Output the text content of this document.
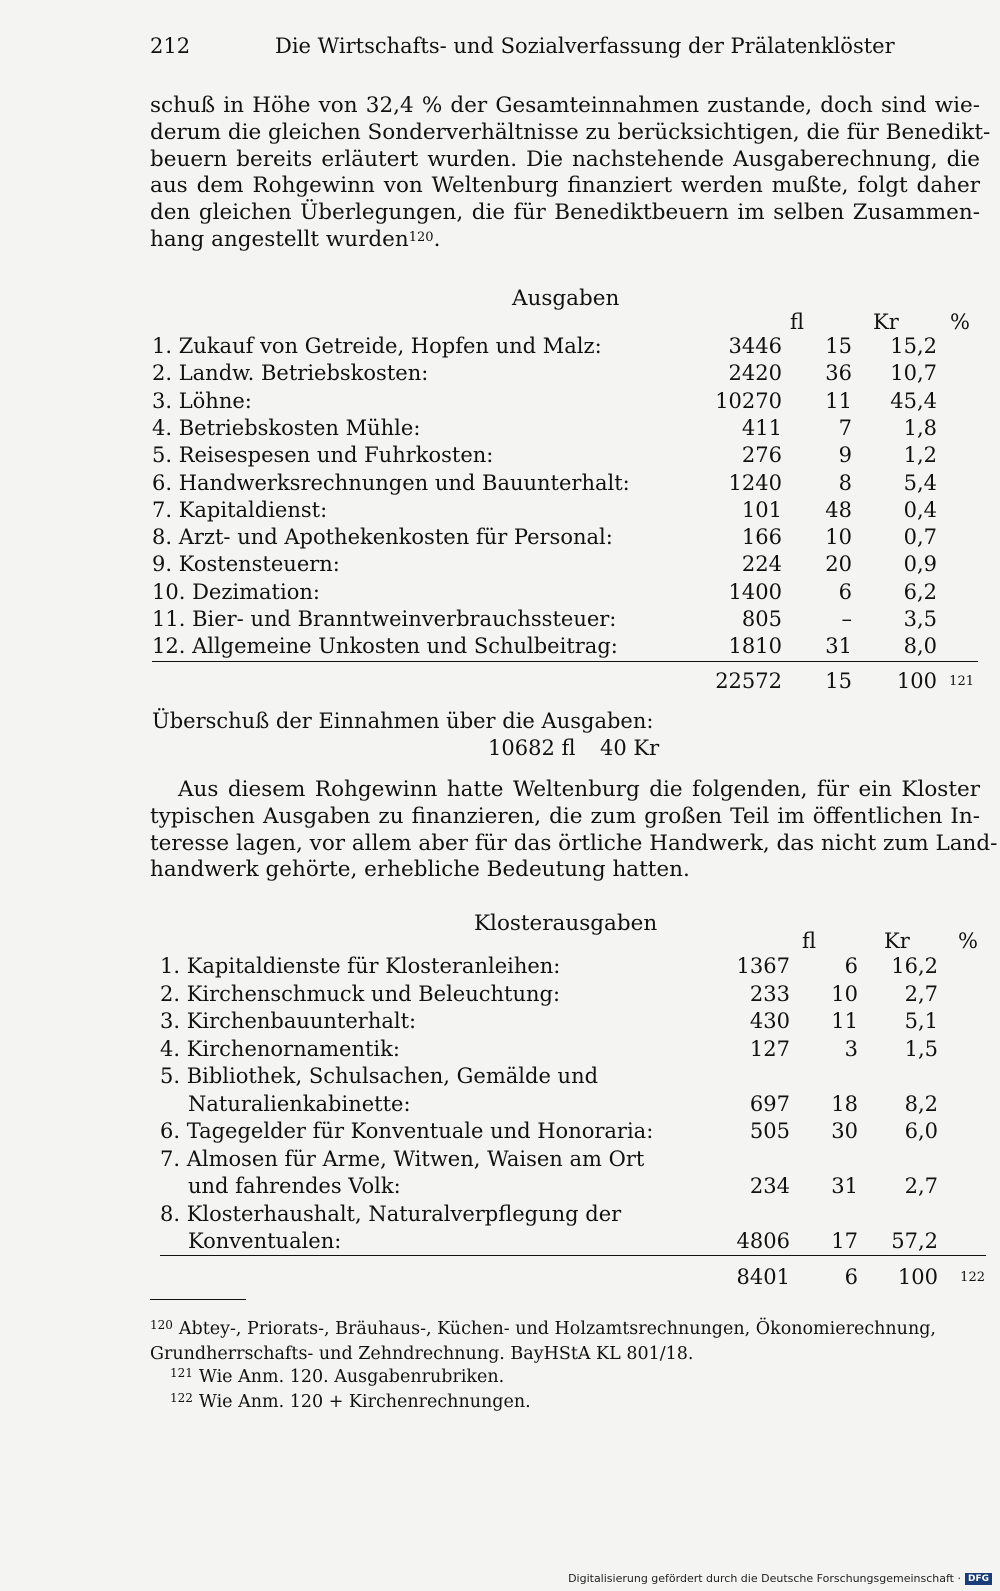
212	Die Wirtschafts- und Sozialverfassung der Prälatenklöster
schuß in Höhe von 32,4 % der Gesamteinnahmen zustande, doch sind wie-
derum die gleichen Sonderverhältnisse zu berücksichtigen, die für Benedikt-
beuern bereits erläutert wurden. Die nachstehende Ausgaberechnung, die
aus dem Rohgewinn von Weltenburg finanziert werden mußte, folgt daher
den gleichen Überlegungen, die für Benediktbeuern im selben Zusammen-
hang angestellt wurden$^{120}$.
Ausgaben
fl	Kr %
1. Zukauf von Getreide, Hopfen und Malz:	3446 15 15,2
2. Landw. Betriebskosten:	2420 36 10,7
3. Löhne:	10270 11 45,4
4. Betriebskosten Mühle:	411	7 1,8
5. Reisespesen und Fuhrkosten:	276	9 1,2
6. Handwerksrechnungen und Bauunterhalt:	1240	8 5,4
7. Kapitaldienst:	101 48 0,4
8. Arzt- und Apothekenkosten für Personal:	166 10 0,7
9. Kostensteuern:	224 20 0,9
10. Dezimation:	1400	6 6,2
11. Bier- und Branntweinverbrauchssteuer:	805	– 3,5
12. Allgemeine Unkosten und Schulbeitrag:	1810 31 8,0
22572 15 100 121
Überschuß der Einnahmen über die Ausgaben:
10682 fl 40 Kr
Aus diesem Rohgewinn hatte Weltenburg die folgenden, für ein Kloster
typischen Ausgaben zu finanzieren, die zum großen Teil im öffentlichen In-
teresse lagen, vor allem aber für das örtliche Handwerk, das nicht zum Land-
handwerk gehörte, erhebliche Bedeutung hatten.
Klosterausgaben
fl	Kr %
1. Kapitaldienste für Klosteranleihen:	1367	6 16,2
2. Kirchenschmuck und Beleuchtung:	233 10 2,7
3. Kirchenbauunterhalt:	430 11 5,1
4. Kirchenornamentik:	127	3 1,5
5. Bibliothek, Schulsachen, Gemälde und
Naturalienkabinette:	697 18 8,2
6. Tagegelder für Konventuale und Honoraria:	505 30 6,0
7. Almosen für Arme, Witwen, Waisen am Ort
und fahrendes Volk:	234 31 2,7
8. Klosterhaushalt, Naturalverpflegung der
Konventualen:	4806 17 57,2
8401	6 100 122
$^{120}$ Abtey-, Priorats-, Bräuhaus-, Küchen- und Holzamtsrechnungen, Ökonomierechnung,
Grundherrschafts- und Zehndrechnung. BayHStA KL 801/18.
$^{121}$ Wie Anm. 120. Ausgabenrubriken.
$^{122}$ Wie Anm. 120 + Kirchenrechnungen.
Digitalisierung gefördert durch die Deutsche Forschungsgemeinschaft · DFG
